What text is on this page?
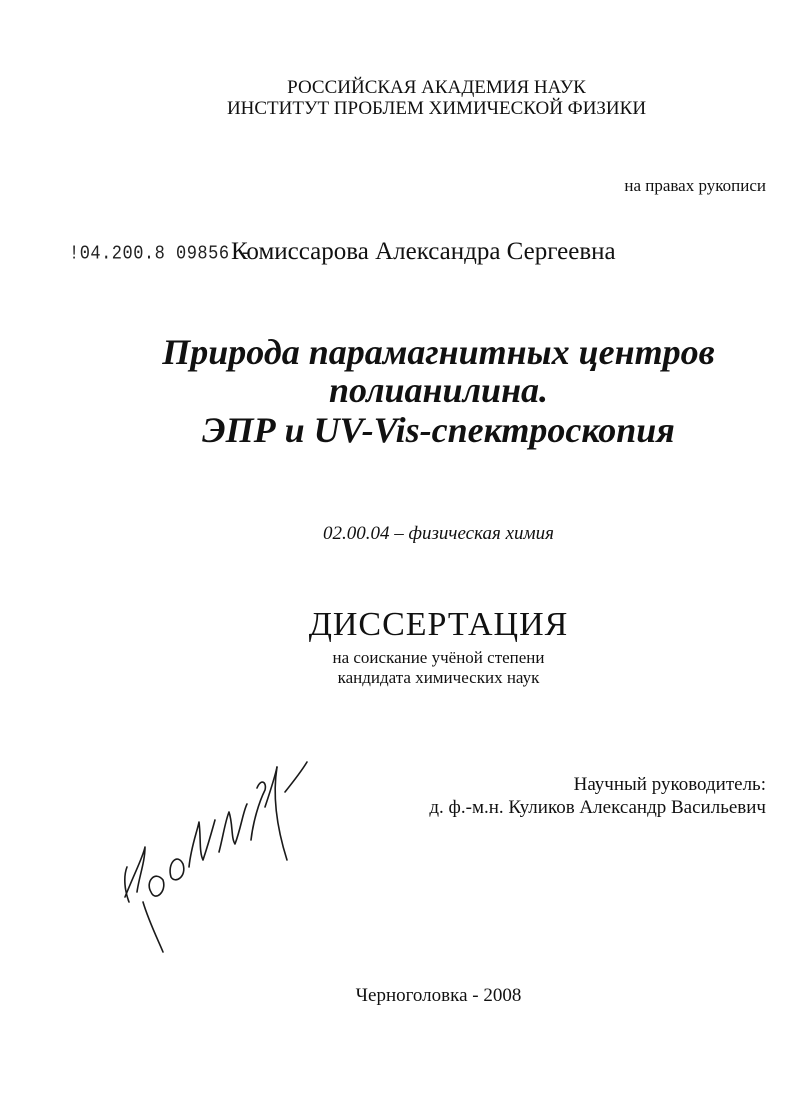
РОССИЙСКАЯ АКАДЕМИЯ НАУК
ИНСТИТУТ ПРОБЛЕМ ХИМИЧЕСКОЙ ФИЗИКИ
на правах рукописи
!04.200.8 09856 -
Комиссарова Александра Сергеевна
Природа парамагнитных центров
полианилина.
ЭПР и UV-Vis-спектроскопия
02.00.04 – физическая химия
ДИССЕРТАЦИЯ
на соискание учёной степени
кандидата химических наук
Научный руководитель:
д. ф.-м.н. Куликов Александр Васильевич
Черноголовка - 2008
